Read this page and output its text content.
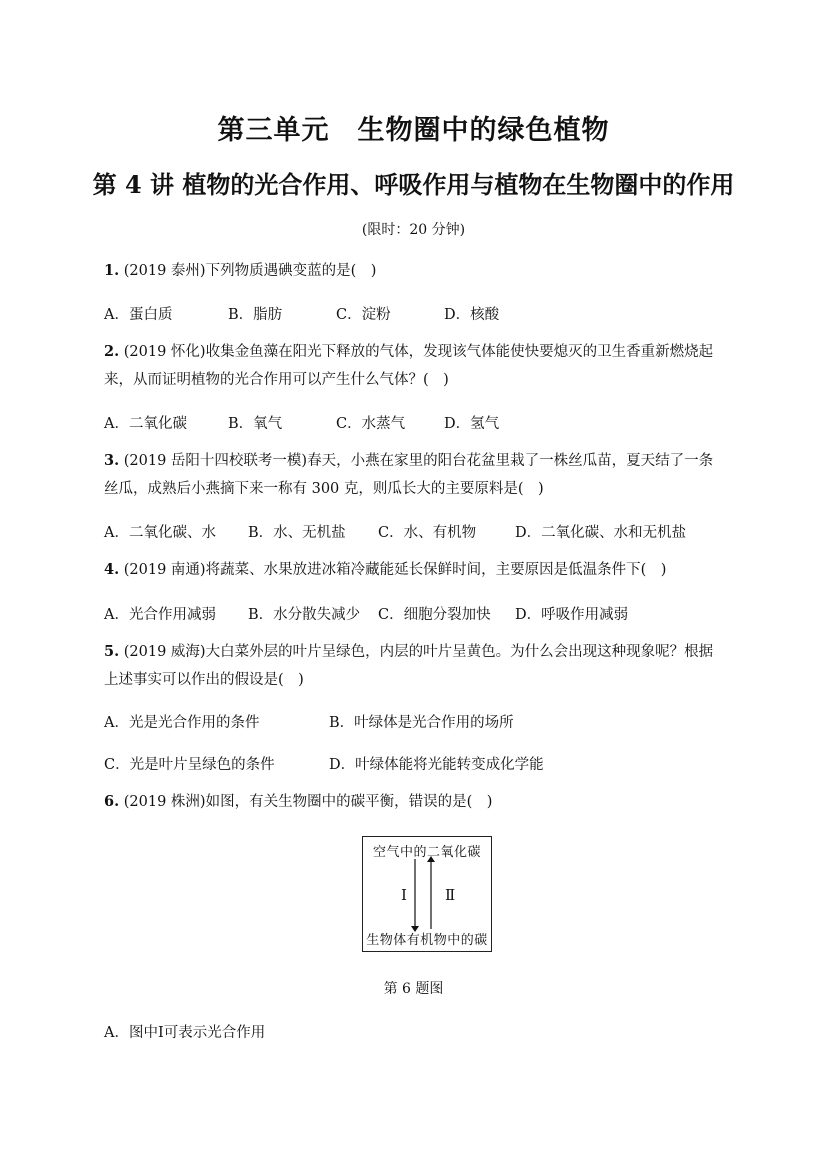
第三单元　生物圈中的绿色植物
第 4 讲 植物的光合作用、呼吸作用与植物在生物圈中的作用
(限时：20 分钟)
1. (2019 泰州)下列物质遇碘变蓝的是(　)
A．蛋白质	B．脂肪	C．淀粉	D．核酸
2. (2019 怀化)收集金鱼藻在阳光下释放的气体，发现该气体能使快要熄灭的卫生香重新燃烧起来，从而证明植物的光合作用可以产生什么气体？(　)
A．二氧化碳	B．氧气	C．水蒸气	D．氢气
3. (2019 岳阳十四校联考一模)春天，小燕在家里的阳台花盆里栽了一株丝瓜苗，夏天结了一条丝瓜，成熟后小燕摘下来一称有 300 克，则瓜长大的主要原料是(　)
A．二氧化碳、水 B．水、无机盐 C．水、有机物	D．二氧化碳、水和无机盐
4. (2019 南通)将蔬菜、水果放进冰箱冷藏能延长保鲜时间，主要原因是低温条件下(　)
A．光合作用减弱 B．水分散失减少 C．细胞分裂加快 D．呼吸作用减弱
5. (2019 威海)大白菜外层的叶片呈绿色，内层的叶片呈黄色。为什么会出现这种现象呢？根据上述事实可以作出的假设是(　)
A．光是光合作用的条件	B．叶绿体是光合作用的场所
C．光是叶片呈绿色的条件	D．叶绿体能将光能转变成化学能
6. (2019 株洲)如图，有关生物圈中的碳平衡，错误的是(　)
Ⅰ	Ⅱ
空气中的二氧化碳
生物体有机物中的碳
第 6 题图
A．图中Ⅰ可表示光合作用
